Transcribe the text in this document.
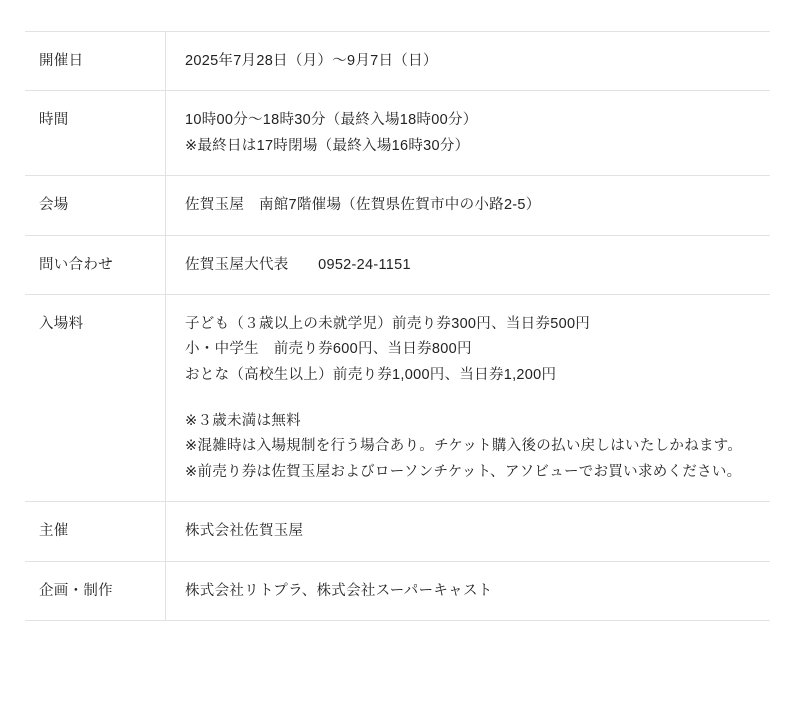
開催日	2025年7月28日（月）〜9月7日（日）

時間	10時00分〜18時30分（最終入場18時00分）
※最終日は17時閉場（最終入場16時30分）

会場	佐賀玉屋　南館7階催場（佐賀県佐賀市中の小路2-5）

問い合わせ	佐賀玉屋大代表　　0952-24-1151

入場料	子ども（３歳以上の未就学児）前売り券300円、当日券500円
小・中学生　前売り券600円、当日券800円
おとな（高校生以上）前売り券1,000円、当日券1,200円
※３歳未満は無料
※混雑時は入場規制を行う場合あり。チケット購入後の払い戻しはいたしかねます。
※前売り券は佐賀玉屋およびローソンチケット、アソビューでお買い求めください。

主催	株式会社佐賀玉屋

企画・制作	株式会社リトプラ、株式会社スーパーキャスト
